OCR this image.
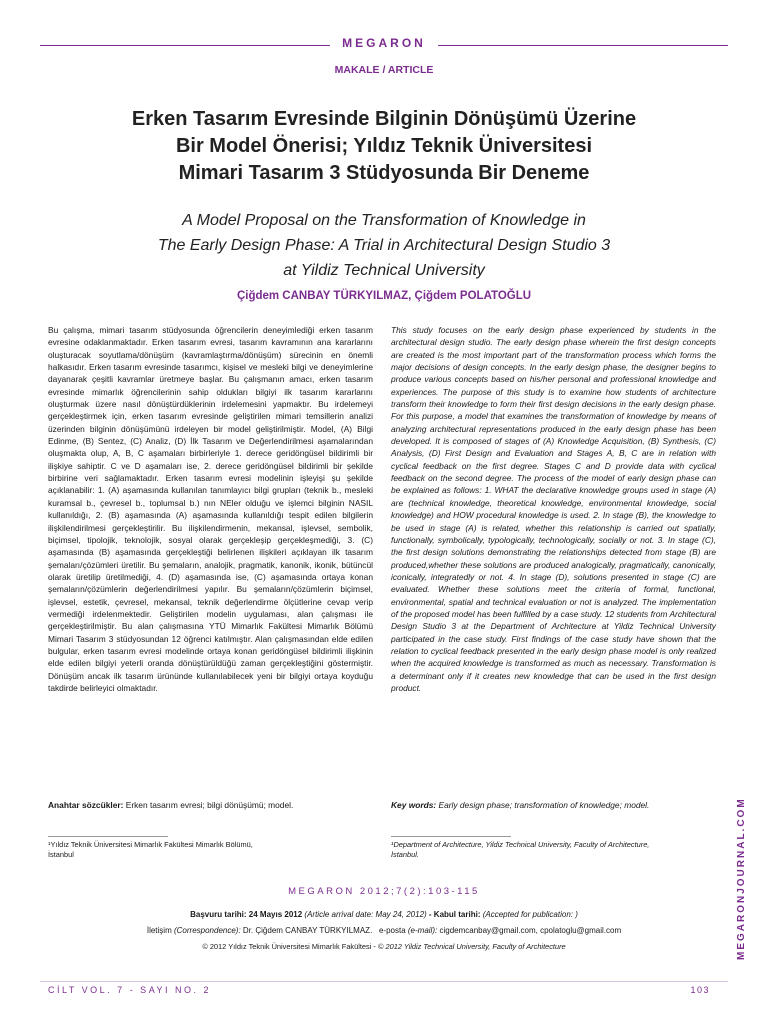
MEGARON
MAKALE / ARTICLE
Erken Tasarım Evresinde Bilginin Dönüşümü Üzerine
Bir Model Önerisi; Yıldız Teknik Üniversitesi
Mimari Tasarım 3 Stüdyosunda Bir Deneme
A Model Proposal on the Transformation of Knowledge in
The Early Design Phase: A Trial in Architectural Design Studio 3
at Yildiz Technical University
Çiğdem CANBAY TÜRKYILMAZ, Çiğdem POLATOĞLU

Bu çalışma, mimari tasarım stüdyosunda öğrencilerin deneyimlediği erken tasarım evresine odaklanmaktadır. Erken tasarım evresi, tasarım kavramının ana kararlarını oluşturacak soyutlama/dönüşüm (kavramlaştırma/dönüşüm) sürecinin en önemli halkasıdır. Erken tasarım evresinde tasarımcı, kişisel ve mesleki bilgi ve deneyimlerine dayanarak çeşitli kavramlar üretmeye başlar. Bu çalışmanın amacı, erken tasarım evresinde mimarlık öğrencilerinin sahip oldukları bilgiyi ilk tasarım kararlarını oluşturmak üzere nasıl dönüştürdüklerinin irdelemesini yapmaktır. Bu irdelemeyi gerçekleştirmek için, erken tasarım evresinde geliştirilen mimari temsillerin analizi üzerinden bilginin dönüşümünü irdeleyen bir model geliştirilmiştir. Model, (A) Bilgi Edinme, (B) Sentez, (C) Analiz, (D) İlk Tasarım ve Değerlendirilmesi aşamalarından oluşmakta olup, A, B, C aşamaları birbirleriyle 1. derece geridöngüsel bildirimli bir ilişkiye sahiptir. C ve D aşamaları ise, 2. derece geridöngüsel bildirimli bir şekilde birbirine veri sağlamaktadır. Erken tasarım evresi modelinin işleyişi şu şekilde açıklanabilir: 1. (A) aşamasında kullanılan tanımlayıcı bilgi grupları (teknik b., mesleki kuramsal b., çevresel b., toplumsal b.) nın NEler olduğu ve işlemci bilginin NASIL kullanıldığı, 2. (B) aşamasında (A) aşamasında kullanıldığı tespit edilen bilgilerin ilişkilendirilmesi gerçekleştirilir. Bu ilişkilendirmenin, mekansal, işlevsel, sembolik, biçimsel, tipolojik, teknolojik, sosyal olarak gerçekleşip gerçekleşmediği, 3. (C) aşamasında (B) aşamasında gerçekleştiği belirlenen ilişkileri açıklayan ilk tasarım şemaları/çözümleri üretilir. Bu şemaların, analojik, pragmatik, kanonik, ikonik, bütüncül olarak üretilip üretilmediği, 4. (D) aşamasında ise, (C) aşamasında ortaya konan şemaların/çözümlerin değerlendirilmesi yapılır. Bu şemaların/çözümlerin biçimsel, işlevsel, estetik, çevresel, mekansal, teknik değerlendirme ölçütlerine cevap verip vermediği irdelenmektedir. Geliştirilen modelin uygulaması, alan çalışması ile gerçekleştirilmiştir. Bu alan çalışmasına YTÜ Mimarlık Fakültesi Mimarlık Bölümü Mimari Tasarım 3 stüdyosundan 12 öğrenci katılmıştır. Alan çalışmasından elde edilen bulgular, erken tasarım evresi modelinde ortaya konan geridöngüsel bildirimli ilişkinin elde edilen bilgiyi yeterli oranda dönüştürüldüğü zaman gerçekleştiğini göstermiştir. Dönüşüm ancak ilk tasarım ürününde kullanılabilecek yeni bir bilgiyi ortaya koyduğu takdirde belirleyici olmaktadır.

This study focuses on the early design phase experienced by students in the architectural design studio. The early design phase wherein the first design concepts are created is the most important part of the transformation process which forms the major decisions of design concepts. In the early design phase, the designer begins to produce various concepts based on his/her personal and professional knowledge and experiences. The purpose of this study is to examine how students of architecture transform their knowledge to form their first design decisions in the early design phase. For this purpose, a model that examines the transformation of knowledge by means of analyzing architectural representations produced in the early design phase has been developed. It is composed of stages of (A) Knowledge Acquisition, (B) Synthesis, (C) Analysis, (D) First Design and Evaluation and Stages A, B, C are in relation with cyclical feedback on the first degree. Stages C and D provide data with cyclical feedback on the second degree. The process of the model of early design phase can be explained as follows: 1. WHAT the declarative knowledge groups used in stage (A) are (technical knowledge, theoretical knowledge, environmental knowledge, social knowledge) and HOW procedural knowledge is used. 2. In stage (B), the knowledge to be used in stage (A) is related, whether this relationship is carried out spatially, functionally, symbolically, typologically, technologically, socially or not. 3. In stage (C), the first design solutions demonstrating the relationships detected from stage (B) are produced,whether these solutions are produced analogically, pragmatically, canonically, iconically, integratedly or not. 4. In stage (D), solutions presented in stage (C) are evaluated. Whether these solutions meet the criteria of formal, functional, environmental, spatial and technical evaluation or not is analyzed. The implementation of the proposed model has been fulfilled by a case study. 12 students from Architectural Design Studio 3 at the Department of Architecture at Yildiz Technical University participated in the case study. First findings of the case study have shown that the relation to cyclical feedback presented in the early design phase model is only realized when the acquired knowledge is transformed as much as necessary. Transformation is a determinant only if it creates new knowledge that can be used in the first design product.

Anahtar sözcükler: Erken tasarım evresi; bilgi dönüşümü; model.	Key words: Early design phase; transformation of knowledge; model.
¹Yıldız Teknik Üniversitesi Mimarlık Fakültesi Mimarlık Bölümü,
İstanbul
¹Department of Architecture, Yildiz Technical University, Faculty of Architecture,
İstanbul.
MEGARON 2012;7(2):103-115
Başvuru tarihi: 24 Mayıs 2012 (Article arrival date: May 24, 2012) - Kabul tarihi: (Accepted for publication: )
İletişim (Correspondence): Dr. Çiğdem CANBAY TÜRKYILMAZ. e-posta (e-mail): cigdemcanbay@gmail.com, cpolatoglu@gmail.com
© 2012 Yıldız Teknik Üniversitesi Mimarlık Fakültesi - © 2012 Yildiz Technical University, Faculty of Architecture	MEGARONJOURNAL.COM
CİLT VOL. 7 - SAYI NO. 2	103
